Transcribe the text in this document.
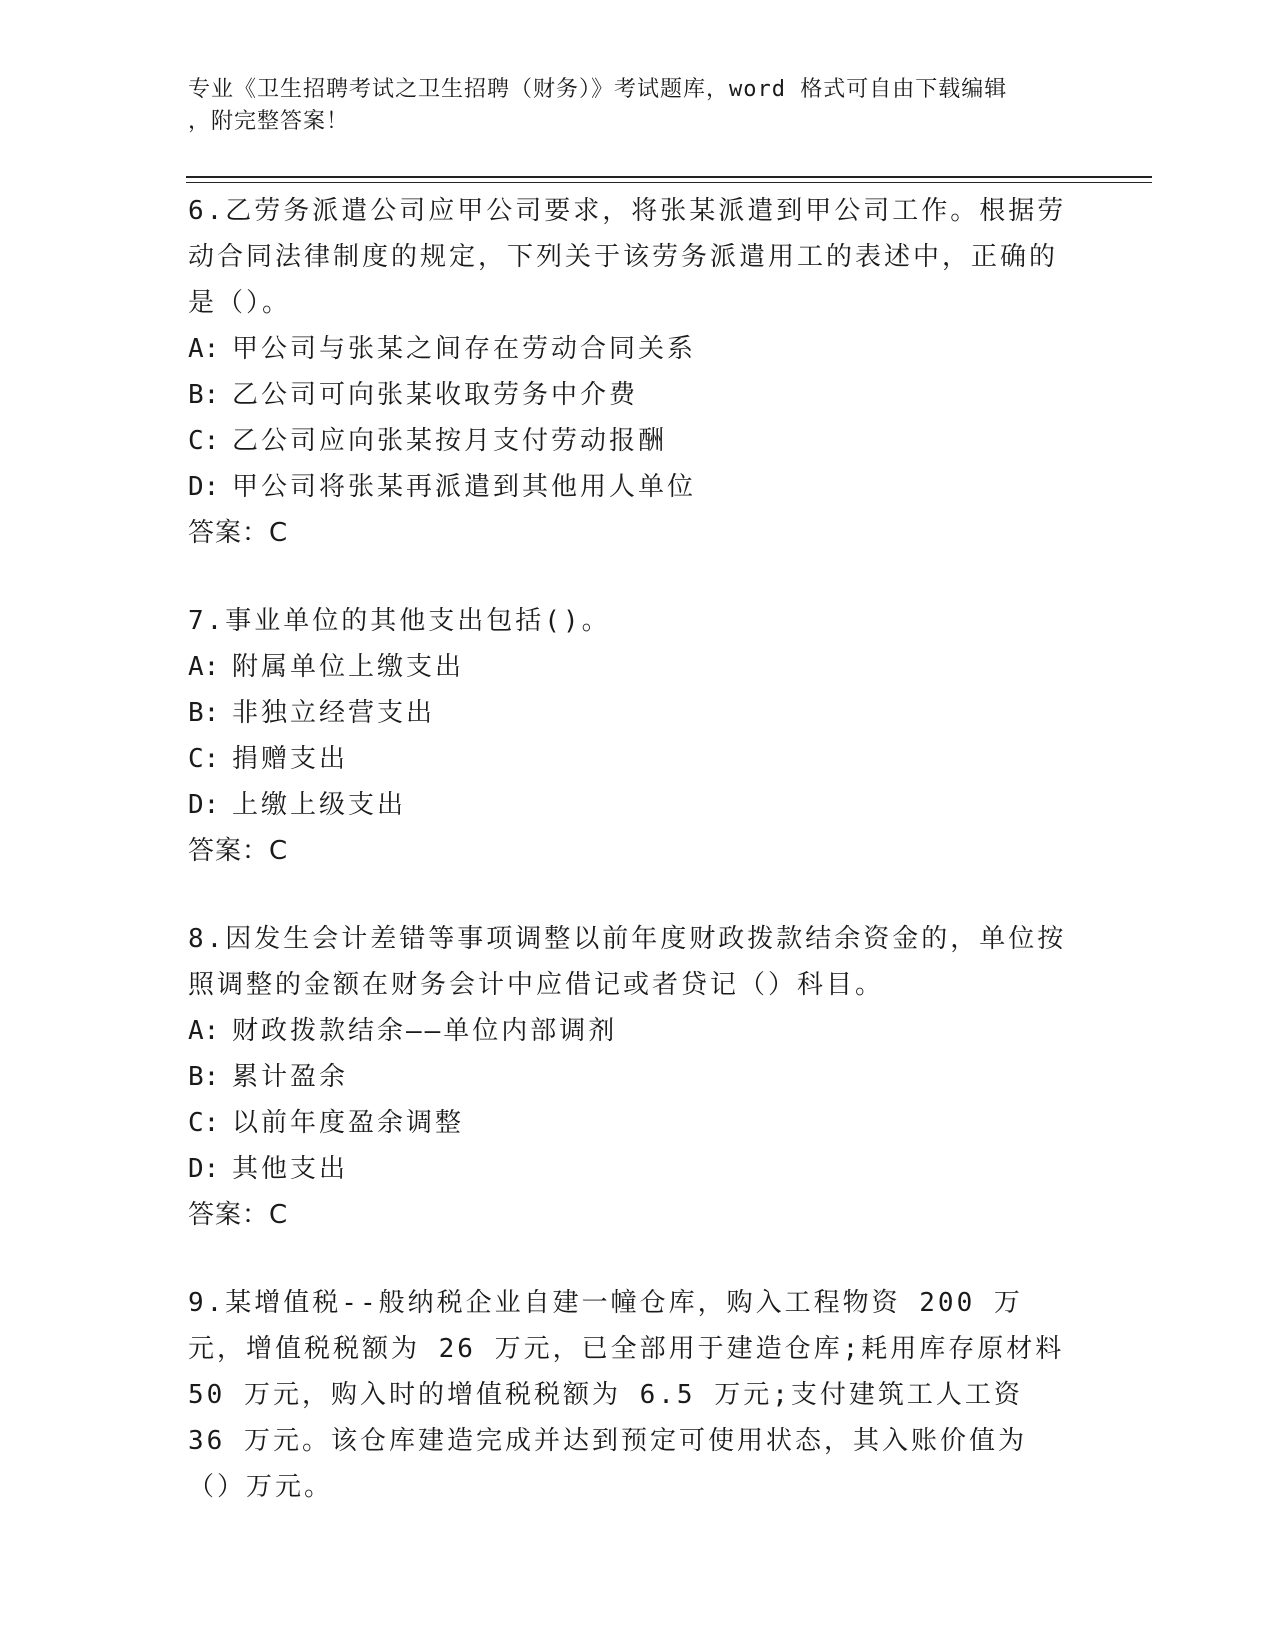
专业《卫生招聘考试之卫生招聘（财务）》考试题库，word 格式可自由下载编辑
，附完整答案！
6.乙劳务派遣公司应甲公司要求，将张某派遣到甲公司工作。根据劳动合同法律制度的规定，下列关于该劳务派遣用工的表述中，正确的是（）。
A: 甲公司与张某之间存在劳动合同关系
B: 乙公司可向张某收取劳务中介费
C: 乙公司应向张某按月支付劳动报酬
D: 甲公司将张某再派遣到其他用人单位
答案：C
7.事业单位的其他支出包括()。
A: 附属单位上缴支出
B: 非独立经营支出
C: 捐赠支出
D: 上缴上级支出
答案：C
8.因发生会计差错等事项调整以前年度财政拨款结余资金的，单位按照调整的金额在财务会计中应借记或者贷记（）科目。
A: 财政拨款结余——单位内部调剂
B: 累计盈余
C: 以前年度盈余调整
D: 其他支出
答案：C
9.某增值税--般纳税企业自建一幢仓库，购入工程物资 200 万元，增值税税额为 26 万元，已全部用于建造仓库;耗用库存原材料 50 万元，购入时的增值税税额为 6.5 万元;支付建筑工人工资 36 万元。该仓库建造完成并达到预定可使用状态，其入账价值为（）万元。
